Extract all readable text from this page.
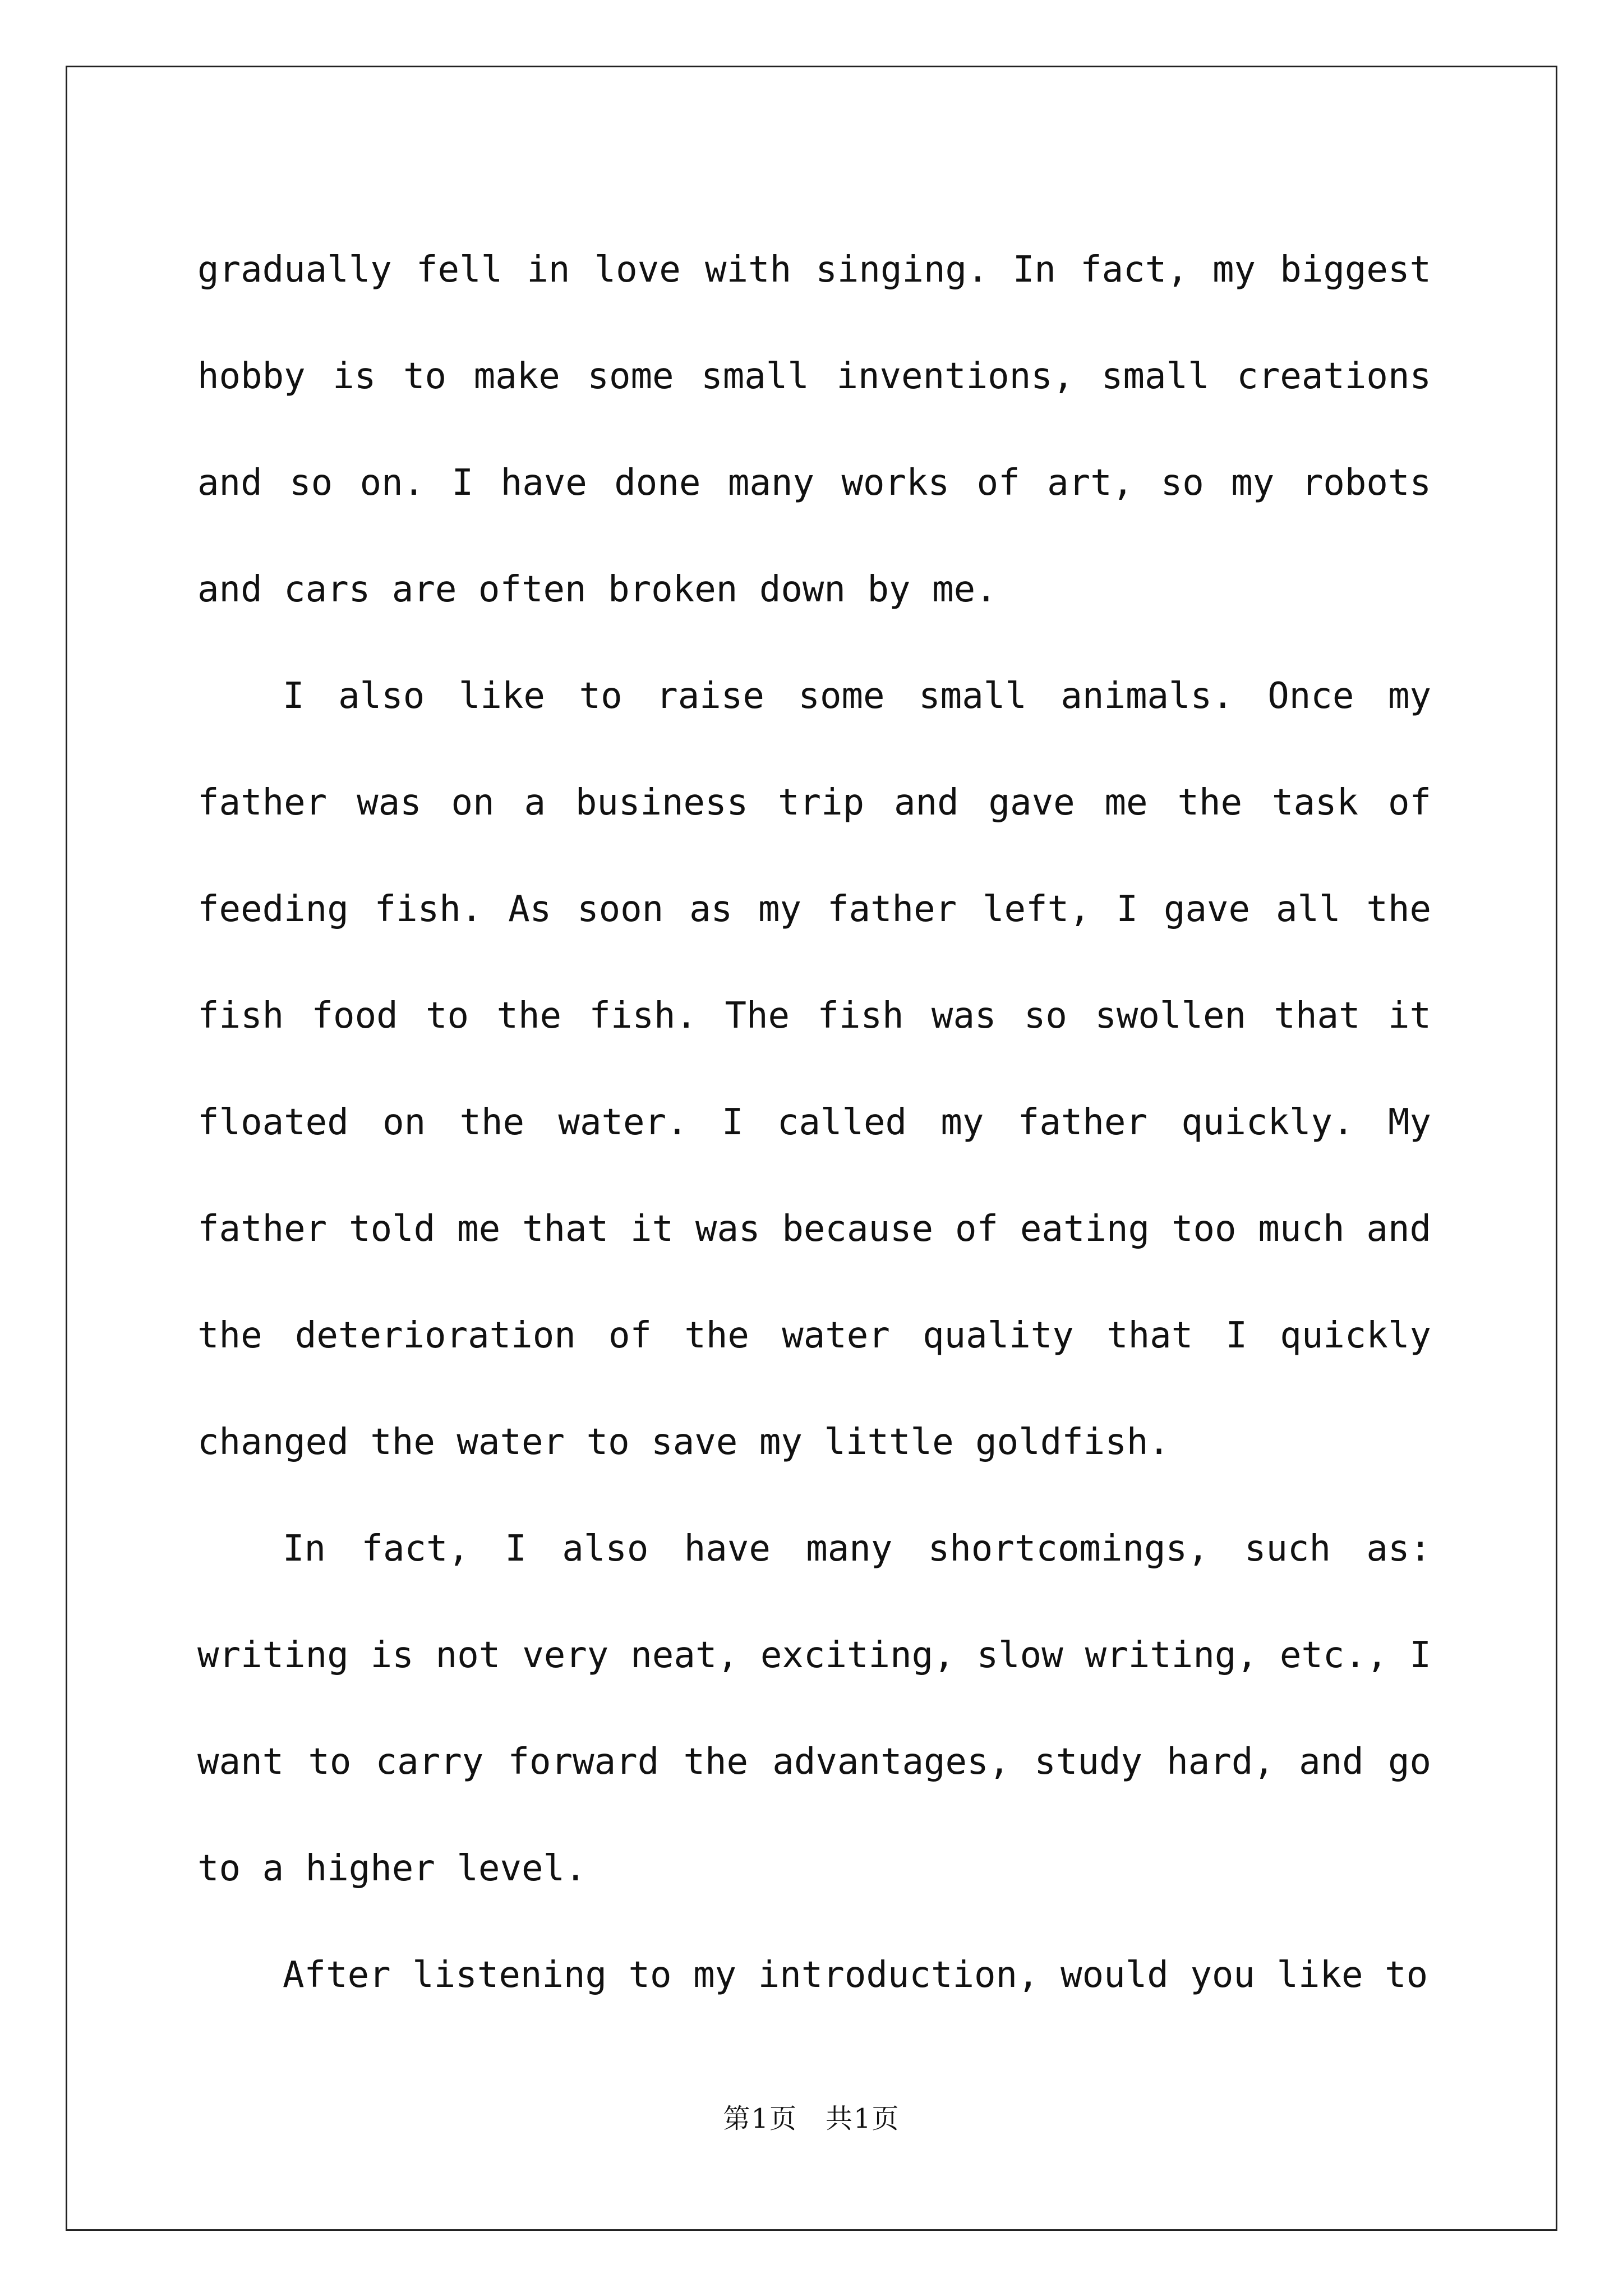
gradually fell in love with singing. In fact, my biggest hobby is to make some small inventions, small creations and so on. I have done many works of art, so my robots and cars are often broken down by me.

I also like to raise some small animals. Once my father was on a business trip and gave me the task of feeding fish. As soon as my father left, I gave all the fish food to the fish. The fish was so swollen that it floated on the water. I called my father quickly. My father told me that it was because of eating too much and the deterioration of the water quality that I quickly changed the water to save my little goldfish.

In fact, I also have many shortcomings, such as: writing is not very neat, exciting, slow writing, etc., I want to carry forward the advantages, study hard, and go to a higher level.

After listening to my introduction, would you like to

第1页　共1页
